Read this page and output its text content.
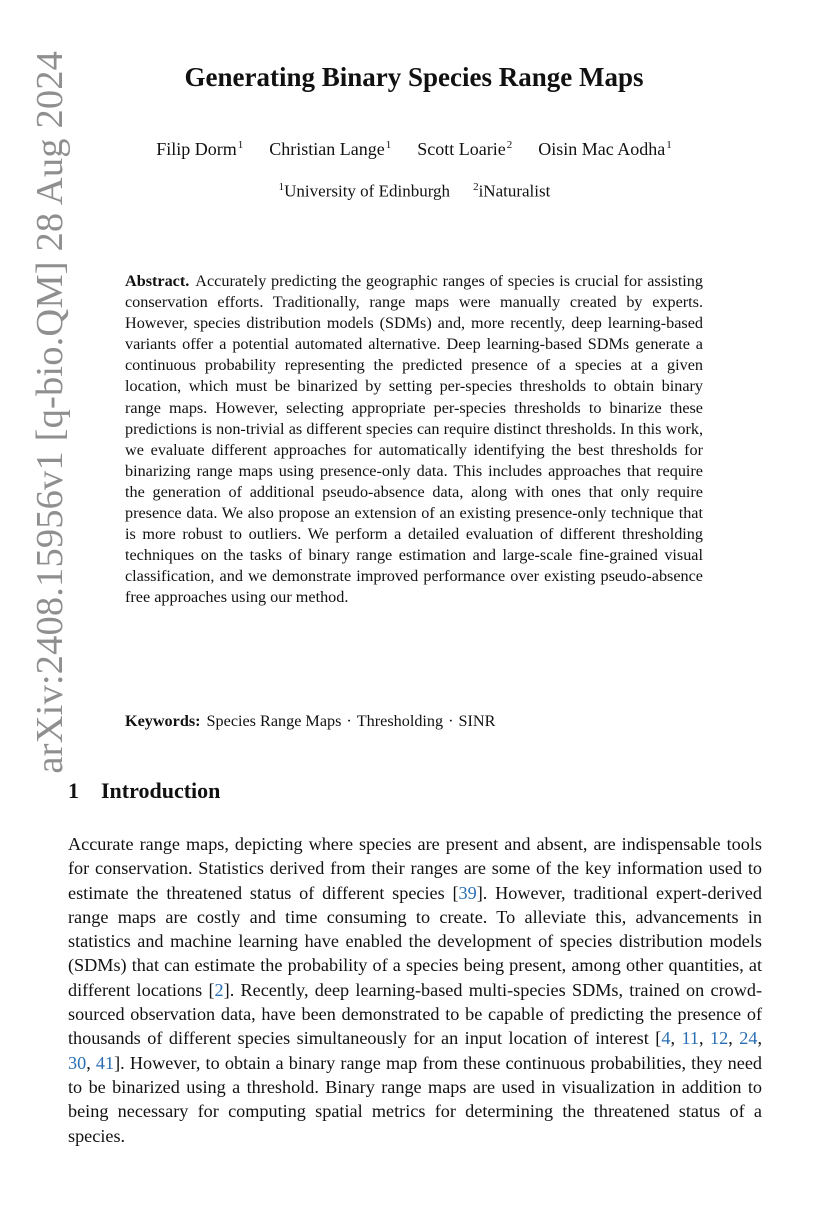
arXiv:2408.15956v1 [q-bio.QM] 28 Aug 2024	Generating Binary Species Range Maps
Filip Dorm$^1$ Christian Lange$^1$ Scott Loarie$^2$ Oisin Mac Aodha$^1$
$^1$University of Edinburgh $^2$iNaturalist
Abstract. Accurately predicting the geographic ranges of species is crucial for assisting conservation efforts. Traditionally, range maps were manually created by experts. However, species distribution models (SDMs) and, more recently, deep learning-based variants offer a potential automated alternative. Deep learning-based SDMs generate a continuous probability representing the predicted presence of a species at a given location, which must be binarized by setting per-species thresholds to obtain binary range maps. However, selecting appropriate per-species thresholds to binarize these predictions is non-trivial as different species can require distinct thresholds. In this work, we evaluate different approaches for automatically identifying the best thresholds for binarizing range maps using presence-only data. This includes approaches that require the generation of additional pseudo-absence data, along with ones that only require presence data. We also propose an extension of an existing presence-only technique that is more robust to outliers. We perform a detailed evaluation of different thresholding techniques on the tasks of binary range estimation and large-scale fine-grained visual classification, and we demonstrate improved performance over existing pseudo-absence free approaches using our method.
Keywords: Species Range Maps · Thresholding · SINR
1 Introduction

Accurate range maps, depicting where species are present and absent, are indispensable tools for conservation. Statistics derived from their ranges are some of the key information used to estimate the threatened status of different species [39]. However, traditional expert-derived range maps are costly and time consuming to create. To alleviate this, advancements in statistics and machine learning have enabled the development of species distribution models (SDMs) that can estimate the probability of a species being present, among other quantities, at different locations [2]. Recently, deep learning-based multi-species SDMs, trained on crowd-sourced observation data, have been demonstrated to be capable of predicting the presence of thousands of different species simultaneously for an input location of interest [4, 11, 12, 24, 30, 41]. However, to obtain a binary range map from these continuous probabilities, they need to be binarized using a threshold. Binary range maps are used in visualization in addition to being necessary for computing spatial metrics for determining the threatened status of a species.
